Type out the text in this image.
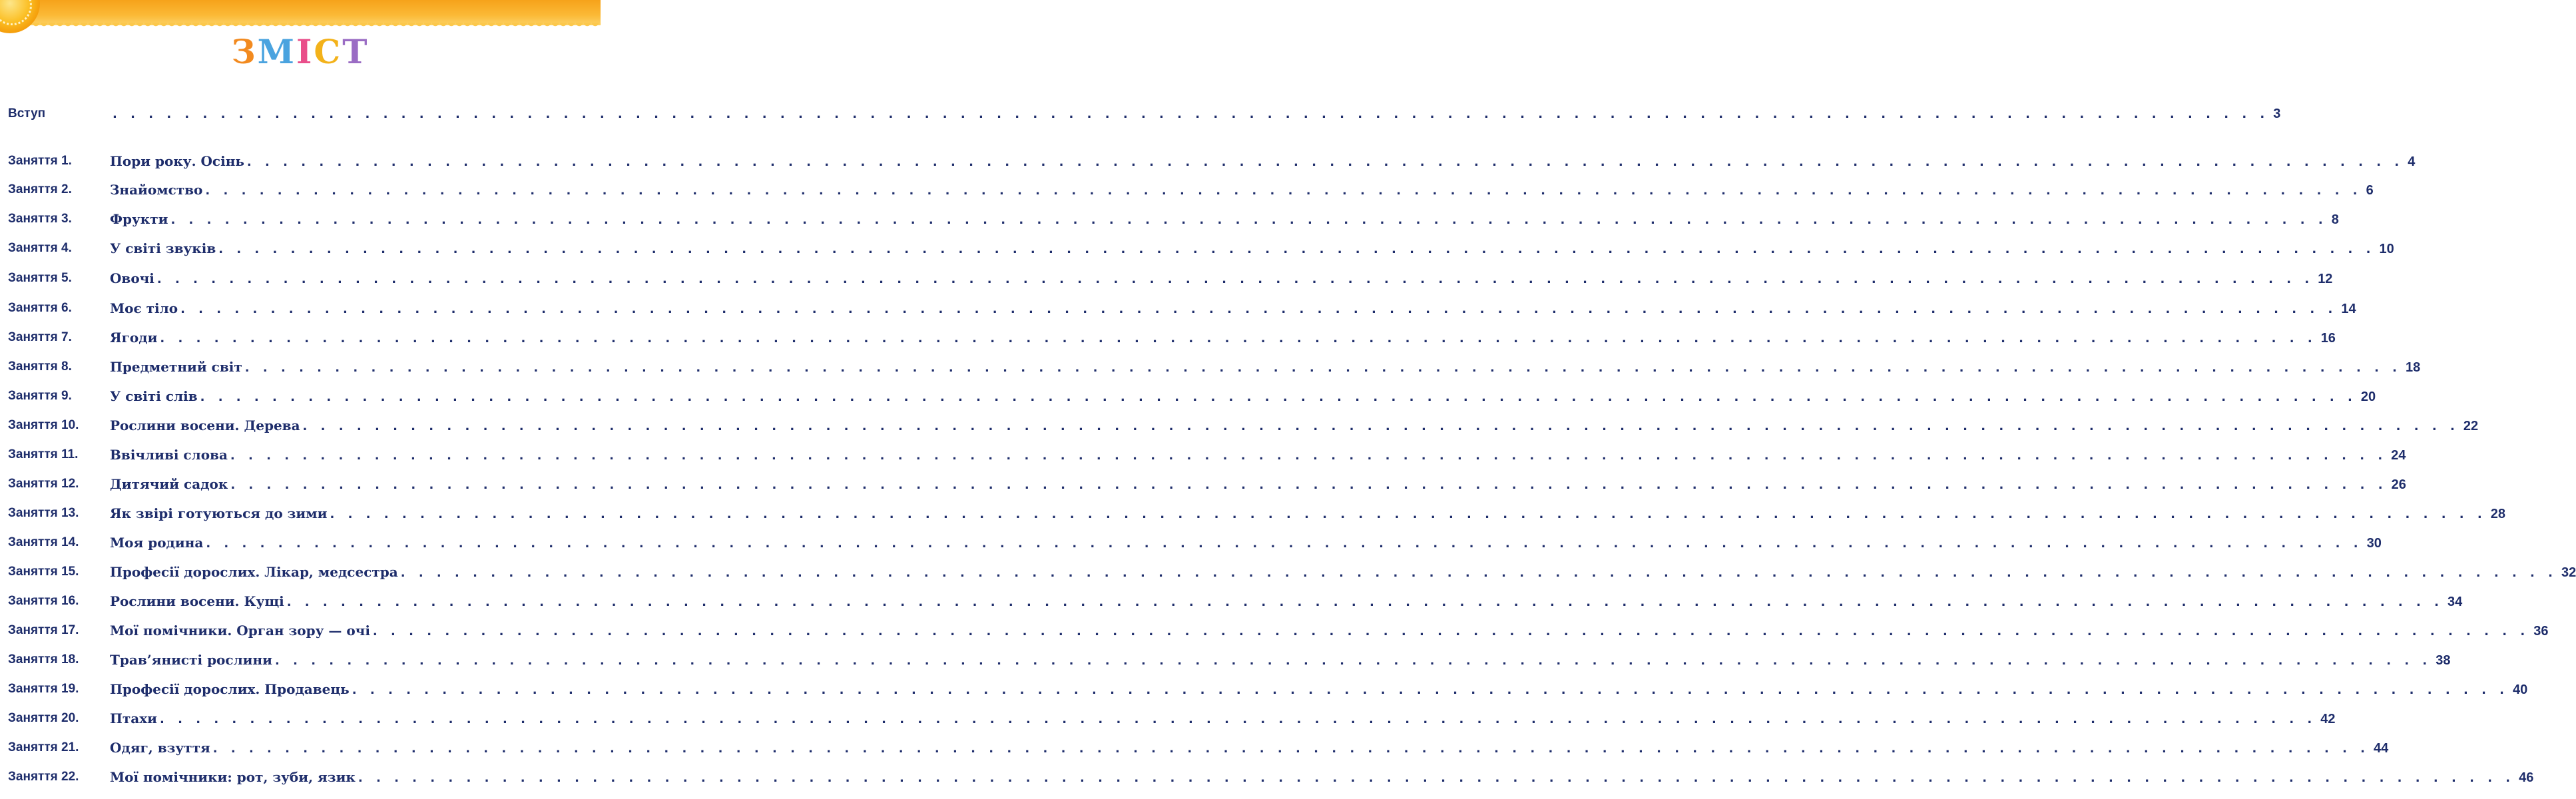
ЗМІСТ
Вступ	. . . . . . . . . . . . . . . . . . . . . . . . . . . . . . . . . . . . . . . . . . . . . . . . . . . . . . . . . . . . . . . . . . . . . . . . . . . . . . . . . . . . . . . . . . . . . . . . . . . . . . . . . . . . . . . . . . . . . . . . 3
Заняття 1.	Пори року. Осінь . . . . . . . . . . . . . . . . . . . . . . . . . . . . . . . . . . . . . . . . . . . . . . . . . . . . . . . . . . . . . . . . . . . . . . . . . . . . . . . . . . . . . . . . . . . . . . . . . . . . . . . . . . . . . . . . . . . . . . . . 4
Заняття 2.	Знайомство . . . . . . . . . . . . . . . . . . . . . . . . . . . . . . . . . . . . . . . . . . . . . . . . . . . . . . . . . . . . . . . . . . . . . . . . . . . . . . . . . . . . . . . . . . . . . . . . . . . . . . . . . . . . . . . . . . . . . . . . 6
Заняття 3.	Фрукти . . . . . . . . . . . . . . . . . . . . . . . . . . . . . . . . . . . . . . . . . . . . . . . . . . . . . . . . . . . . . . . . . . . . . . . . . . . . . . . . . . . . . . . . . . . . . . . . . . . . . . . . . . . . . . . . . . . . . . . . 8
Заняття 4.	У світі звуків . . . . . . . . . . . . . . . . . . . . . . . . . . . . . . . . . . . . . . . . . . . . . . . . . . . . . . . . . . . . . . . . . . . . . . . . . . . . . . . . . . . . . . . . . . . . . . . . . . . . . . . . . . . . . . . . . . . . . . . . 10
Заняття 5.	Овочі . . . . . . . . . . . . . . . . . . . . . . . . . . . . . . . . . . . . . . . . . . . . . . . . . . . . . . . . . . . . . . . . . . . . . . . . . . . . . . . . . . . . . . . . . . . . . . . . . . . . . . . . . . . . . . . . . . . . . . . . 12
Заняття 6.	Моє тіло . . . . . . . . . . . . . . . . . . . . . . . . . . . . . . . . . . . . . . . . . . . . . . . . . . . . . . . . . . . . . . . . . . . . . . . . . . . . . . . . . . . . . . . . . . . . . . . . . . . . . . . . . . . . . . . . . . . . . . . . 14
Заняття 7.	Ягоди . . . . . . . . . . . . . . . . . . . . . . . . . . . . . . . . . . . . . . . . . . . . . . . . . . . . . . . . . . . . . . . . . . . . . . . . . . . . . . . . . . . . . . . . . . . . . . . . . . . . . . . . . . . . . . . . . . . . . . . . 16
Заняття 8.	Предметний світ . . . . . . . . . . . . . . . . . . . . . . . . . . . . . . . . . . . . . . . . . . . . . . . . . . . . . . . . . . . . . . . . . . . . . . . . . . . . . . . . . . . . . . . . . . . . . . . . . . . . . . . . . . . . . . . . . . . . . . . . 18
Заняття 9.	У світі слів . . . . . . . . . . . . . . . . . . . . . . . . . . . . . . . . . . . . . . . . . . . . . . . . . . . . . . . . . . . . . . . . . . . . . . . . . . . . . . . . . . . . . . . . . . . . . . . . . . . . . . . . . . . . . . . . . . . . . . . . 20
Заняття 10. Рослини восени. Дерева . . . . . . . . . . . . . . . . . . . . . . . . . . . . . . . . . . . . . . . . . . . . . . . . . . . . . . . . . . . . . . . . . . . . . . . . . . . . . . . . . . . . . . . . . . . . . . . . . . . . . . . . . . . . . . . . . . . . . . . . 22
Заняття 11. Ввічливі слова . . . . . . . . . . . . . . . . . . . . . . . . . . . . . . . . . . . . . . . . . . . . . . . . . . . . . . . . . . . . . . . . . . . . . . . . . . . . . . . . . . . . . . . . . . . . . . . . . . . . . . . . . . . . . . . . . . . . . . . . 24
Заняття 12. Дитячий садок . . . . . . . . . . . . . . . . . . . . . . . . . . . . . . . . . . . . . . . . . . . . . . . . . . . . . . . . . . . . . . . . . . . . . . . . . . . . . . . . . . . . . . . . . . . . . . . . . . . . . . . . . . . . . . . . . . . . . . . . 26
Заняття 13. Як звірі готуються до зими . . . . . . . . . . . . . . . . . . . . . . . . . . . . . . . . . . . . . . . . . . . . . . . . . . . . . . . . . . . . . . . . . . . . . . . . . . . . . . . . . . . . . . . . . . . . . . . . . . . . . . . . . . . . . . . . . . . . . . . . 28
Заняття 14. Моя родина . . . . . . . . . . . . . . . . . . . . . . . . . . . . . . . . . . . . . . . . . . . . . . . . . . . . . . . . . . . . . . . . . . . . . . . . . . . . . . . . . . . . . . . . . . . . . . . . . . . . . . . . . . . . . . . . . . . . . . . . 30
Заняття 15. Професії дорослих. Лікар, медсестра . . . . . . . . . . . . . . . . . . . . . . . . . . . . . . . . . . . . . . . . . . . . . . . . . . . . . . . . . . . . . . . . . . . . . . . . . . . . . . . . . . . . . . . . . . . . . . . . . . . . . . . . . . . . . . . . . . . . . . . . 32
Заняття 16. Рослини восени. Кущі . . . . . . . . . . . . . . . . . . . . . . . . . . . . . . . . . . . . . . . . . . . . . . . . . . . . . . . . . . . . . . . . . . . . . . . . . . . . . . . . . . . . . . . . . . . . . . . . . . . . . . . . . . . . . . . . . . . . . . . . 34
Заняття 17. Мої помічники. Орган зору — очі . . . . . . . . . . . . . . . . . . . . . . . . . . . . . . . . . . . . . . . . . . . . . . . . . . . . . . . . . . . . . . . . . . . . . . . . . . . . . . . . . . . . . . . . . . . . . . . . . . . . . . . . . . . . . . . . . . . . . . . . 36
Заняття 18. Трав’янисті рослини . . . . . . . . . . . . . . . . . . . . . . . . . . . . . . . . . . . . . . . . . . . . . . . . . . . . . . . . . . . . . . . . . . . . . . . . . . . . . . . . . . . . . . . . . . . . . . . . . . . . . . . . . . . . . . . . . . . . . . . . 38
Заняття 19. Професії дорослих. Продавець . . . . . . . . . . . . . . . . . . . . . . . . . . . . . . . . . . . . . . . . . . . . . . . . . . . . . . . . . . . . . . . . . . . . . . . . . . . . . . . . . . . . . . . . . . . . . . . . . . . . . . . . . . . . . . . . . . . . . . . . 40
Заняття 20. Птахи . . . . . . . . . . . . . . . . . . . . . . . . . . . . . . . . . . . . . . . . . . . . . . . . . . . . . . . . . . . . . . . . . . . . . . . . . . . . . . . . . . . . . . . . . . . . . . . . . . . . . . . . . . . . . . . . . . . . . . . . 42
Заняття 21. Одяг, взуття . . . . . . . . . . . . . . . . . . . . . . . . . . . . . . . . . . . . . . . . . . . . . . . . . . . . . . . . . . . . . . . . . . . . . . . . . . . . . . . . . . . . . . . . . . . . . . . . . . . . . . . . . . . . . . . . . . . . . . . . 44
Заняття 22. Мої помічники: рот, зуби, язик . . . . . . . . . . . . . . . . . . . . . . . . . . . . . . . . . . . . . . . . . . . . . . . . . . . . . . . . . . . . . . . . . . . . . . . . . . . . . . . . . . . . . . . . . . . . . . . . . . . . . . . . . . . . . . . . . . . . . . . . 46
